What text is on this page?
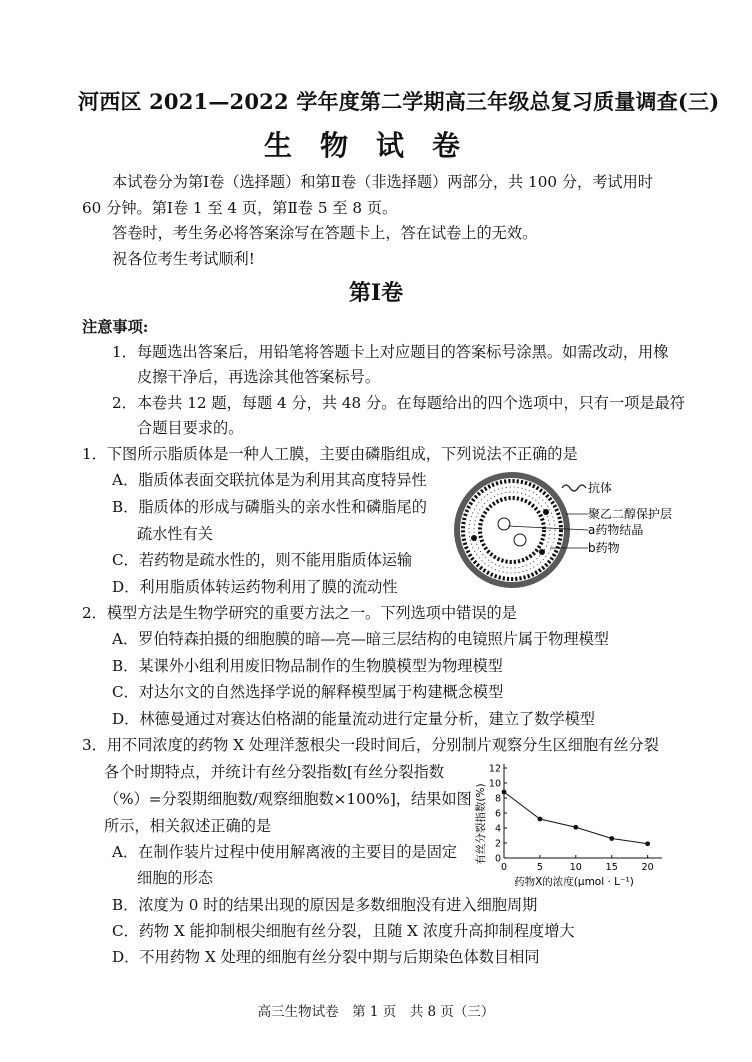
河西区 2021—2022 学年度第二学期高三年级总复习质量调查(三)
生物试卷
本试卷分为第Ⅰ卷（选择题）和第Ⅱ卷（非选择题）两部分，共 100 分，考试用时
60 分钟。第Ⅰ卷 1 至 4 页，第Ⅱ卷 5 至 8 页。
答卷时，考生务必将答案涂写在答题卡上，答在试卷上的无效。
祝各位考生考试顺利!
第Ⅰ卷
注意事项:
1．每题选出答案后，用铅笔将答题卡上对应题目的答案标号涂黑。如需改动，用橡
皮擦干净后，再选涂其他答案标号。
2．本卷共 12 题，每题 4 分，共 48 分。在每题给出的四个选项中，只有一项是最符
合题目要求的。
1．下图所示脂质体是一种人工膜，主要由磷脂组成，下列说法不正确的是
A．脂质体表面交联抗体是为利用其高度特异性
B．脂质体的形成与磷脂头的亲水性和磷脂尾的
疏水性有关
C．若药物是疏水性的，则不能用脂质体运输
D．利用脂质体转运药物利用了膜的流动性
抗体
聚乙二醇保护层
a药物结晶
b药物
2．模型方法是生物学研究的重要方法之一。下列选项中错误的是
A．罗伯特森拍摄的细胞膜的暗—亮—暗三层结构的电镜照片属于物理模型
B．某课外小组利用废旧物品制作的生物膜模型为物理模型
C．对达尔文的自然选择学说的解释模型属于构建概念模型
D．林德曼通过对赛达伯格湖的能量流动进行定量分析，建立了数学模型
3．用不同浓度的药物 X 处理洋葱根尖一段时间后，分别制片观察分生区细胞有丝分裂
各个时期特点，并统计有丝分裂指数[有丝分裂指数
（%）=分裂期细胞数/观察细胞数×100%]，结果如图
所示，相关叙述正确的是
A．在制作装片过程中使用解离液的主要目的是固定
细胞的形态
B．浓度为 0 时的结果出现的原因是多数细胞没有进入细胞周期
C．药物 X 能抑制根尖细胞有丝分裂，且随 X 浓度升高抑制程度增大
D．不用药物 X 处理的细胞有丝分裂中期与后期染色体数目相同
有丝分裂指数(%)
药物X的浓度(μmol · L⁻¹)
0
2
4
6
8
10
12
0	5	10	15	20
高三生物试卷　第 1 页　共 8 页（三）
